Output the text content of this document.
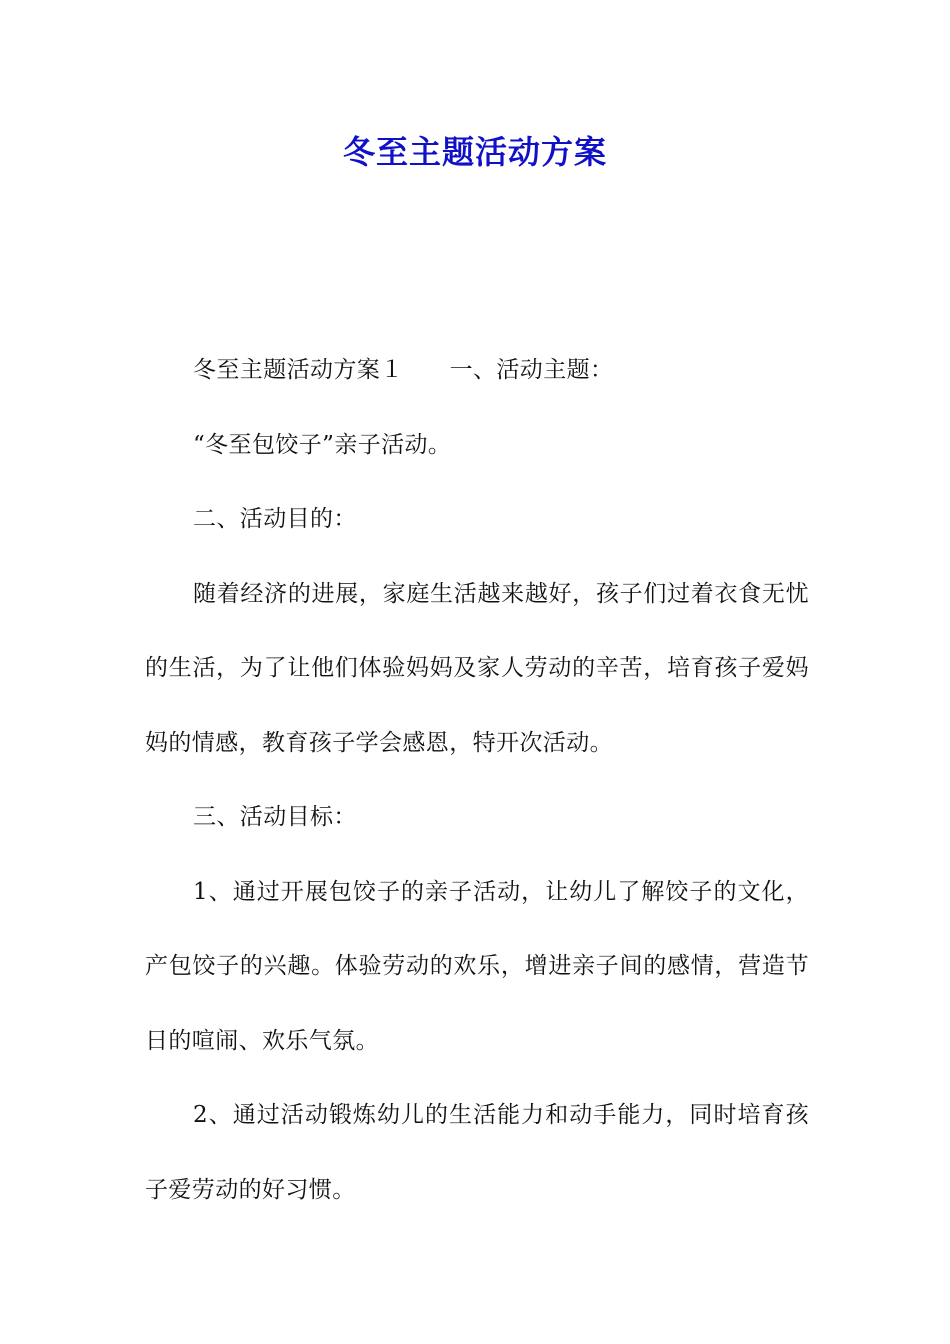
冬至主题活动方案

冬至主题活动方案１ 一、活动主题：

“冬至包饺子”亲子活动。

二、活动目的：

随着经济的进展，家庭生活越来越好，孩子们过着衣食无忧的生活，为了让他们体验妈妈及家人劳动的辛苦，培育孩子爱妈妈的情感，教育孩子学会感恩，特开次活动。

三、活动目标：

1、通过开展包饺子的亲子活动，让幼儿了解饺子的文化，产包饺子的兴趣。体验劳动的欢乐，增进亲子间的感情，营造节日的喧闹、欢乐气氛。

2、通过活动锻炼幼儿的生活能力和动手能力，同时培育孩子爱劳动的好习惯。
